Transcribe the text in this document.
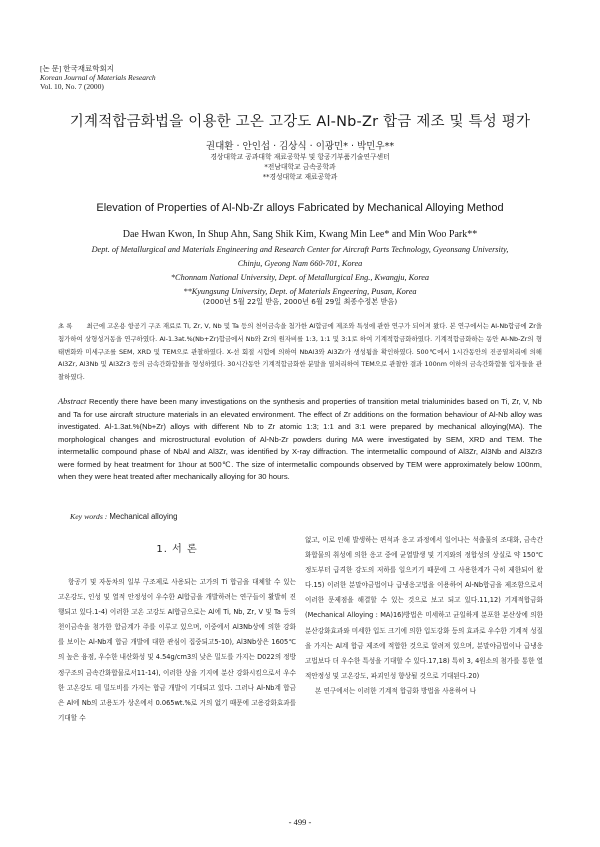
[논 문] 한국재료학회지
Korean Journal of Materials Research
Vol. 10, No. 7 (2000)
기계적합금화법을 이용한 고온 고강도 Al-Nb-Zr 합금 제조 및 특성 평가
권대환 · 안인섭 · 김상식 · 이광민* · 박민우**
경상대학교 공과대학 재료공학부 및 항공기부품기술연구센터
*전남대학교 금속공학과
**경성대학교 재료공학과
Elevation of Properties of Al-Nb-Zr alloys Fabricated by Mechanical Alloying Method
Dae Hwan Kwon, In Shup Ahn, Sang Shik Kim, Kwang Min Lee* and Min Woo Park**
Dept. of Metallurgical and Materials Engineering and Research Center for Aircraft Parts Technology, Gyeonsang University,
Chinju, Gyeong Nam 660-701, Korea
*Chonnam National University, Dept. of Metallurgical Eng., Kwangju, Korea
**Kyungsung University, Dept. of Materials Engeering, Pusan, Korea
(2000년 5월 22일 받음, 2000년 6월 29일 최종수정본 받음)
초 록 최근에 고온용 항공기 구조 재료로 Ti, Zr, V, Nb 및 Ta 등의 천이금속을 첨가한 Al합금에 제조와 특성에 관한 연구가 되어져 왔다. 본 연구에서는 Al-Nb합금에 Zr을 첨가하여 상형성거동을 연구하였다. Al-1.3at.%(Nb+Zr)합금에서 Nb와 Zr의 원자비를 1:3, 1:1 및 3:1로 하여 기계적합금화하였다. 기계적합금화하는 동안 Al-Nb-Zr의 형태변화와 미세구조를 SEM, XRD 및 TEM으로 관찰하였다. X-선 회절 시험에 의하여 NbAl3와 Al3Zr가 생성됨을 확인하였다. 500℃에서 1시간동안의 진공열처리에 의해 Al3Zr, Al3Nb 및 Al3Zr3 등의 금속간화합물을 형성하였다. 30시간동안 기계적합금화한 분말을 열처리하여 TEM으로 관찰한 결과 100nm 이하의 금속간화합물 입자들을 관찰하였다.
Abstract Recently there have been many investigations on the synthesis and properties of transition metal trialuminides based on Ti, Zr, V, Nb and Ta for use aircraft structure materials in an elevated environment. The effect of Zr additions on the formation behaviour of Al-Nb alloy was investigated. Al-1.3at.%(Nb+Zr) alloys with different Nb to Zr atomic 1:3; 1:1 and 3:1 were prepared by mechanical alloying(MA). The morphological changes and microstructural evolution of Al-Nb-Zr powders during MA were investigated by SEM, XRD and TEM. The intermetallic compound phase of NbAl and Al3Zr, was identified by X-ray diffraction. The intermetallic compound of Al3Zr, Al3Nb and Al3Zr3 were formed by heat treatment for 1hour at 500℃. The size of intermetallic compounds observed by TEM were approximately below 100nm, when they were heat treated after mechanically alloying for 30 hours.
Key words : Mechanical alloying
1. 서 론

항공기 및 자동차의 일부 구조제로 사용되는 고가의 Ti 합금을 대체할 수 있는 고온강도, 인성 및 열적 안정성이 우수한 Al합금을 개발하려는 연구들이 활발히 진행되고 있다.1-4) 이러한 고온 고강도 Al합금으로는 Al에 Ti, Nb, Zr, V 및 Ta 등의 천이금속을 첨가한 합금계가 주를 이루고 있으며, 이중에서 Al3Nb상에 의한 강화를 보이는 Al-Nb계 합금 개발에 대한 관심이 집중되고5-10), Al3Nb상은 1605℃의 높은 융점, 우수한 내산화성 및 4.54g/cm3의 낮은 밀도를 가지는 D022의 정방정구조의 금속간화합물로서11-14), 이러한 상을 기지에 분산 강화시킴으로서 우수한 고온강도 데 밀도비를 가지는 합금 개발이 기대되고 있다. 그러나 Al-Nb계 합금은 Al에 Nb의 고용도가 상온에서 0.065wt.%로 거의 없기 때문에 고용강화효과를 기대할 수

없고, 이로 인해 발생하는 편석과 응고 과정에서 일어나는 석출물의 조대화, 금속간 화합물의 취성에 의한 응고 중에 균열발생 및 기지와의 정합성의 상실로 약 150℃정도부터 급격한 강도의 저하를 일으키기 때문에 그 사용한계가 극히 제한되어 왔다.15) 이러한 분말야금법이나 급냉응고법을 이용하여 Al-Nb합금을 제조함으로서 이러한 문제점을 해결할 수 있는 것으로 보고 되고 있다.11,12) 기계적합금화(Mechanical Alloying : MA)16)방법은 미세하고 균일하게 분포한 분산상에 의한 분산강화효과와 미세한 입도 크기에 의한 입도강화 등의 효과로 우수한 기계적 성질을 가지는 Al계 합금 제조에 적합한 것으로 알려져 있으며, 분말야금법이나 급냉응고법보다 더 우수한 특성을 기대할 수 있다.17,18) 특히 3, 4원소의 첨가를 통한 열적안정성 및 고온강도, 파괴인성 향상될 것으로 기대된다.20)

본 연구에서는 이러한 기계적 합금화 방법을 사용하여 나

- 499 -
